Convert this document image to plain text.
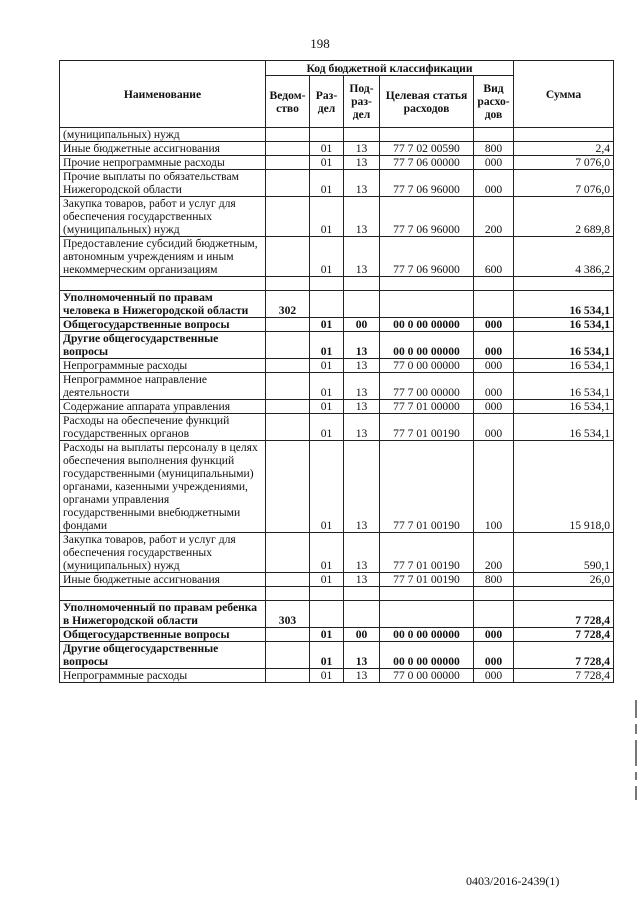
198
Наименование	Код бюджетной классификации					Сумма
	Ведом-ство	Раз-дел	Под-раз-дел	Целевая статья расходов	Вид расхо-дов	
(муниципальных) нужд						
Иные бюджетные ассигнования		01	13	77 7 02 00590	800	2,4
Прочие непрограммные расходы		01	13	77 7 06 00000	000	7 076,0
Прочие выплаты по обязательствам Нижегородской области		01	13	77 7 06 96000	000	7 076,0
Закупка товаров, работ и услуг для обеспечения государственных (муниципальных) нужд		01	13	77 7 06 96000	200	2 689,8
Предоставление субсидий бюджетным, автономным учреждениям и иным некоммерческим организациям		01	13	77 7 06 96000	600	4 386,2

Уполномоченный по правам человека в Нижегородской области	302					16 534,1
Общегосударственные вопросы		01	00	00 0 00 00000	000	16 534,1
Другие общегосударственные вопросы		01	13	00 0 00 00000	000	16 534,1
Непрограммные расходы		01	13	77 0 00 00000	000	16 534,1
Непрограммное направление деятельности		01	13	77 7 00 00000	000	16 534,1
Содержание аппарата управления		01	13	77 7 01 00000	000	16 534,1
Расходы на обеспечение функций государственных органов		01	13	77 7 01 00190	000	16 534,1
Расходы на выплаты персоналу в целях обеспечения выполнения функций государственными (муниципальными) органами, казенными учреждениями, органами управления государственными внебюджетными фондами		01	13	77 7 01 00190	100	15 918,0
Закупка товаров, работ и услуг для обеспечения государственных (муниципальных) нужд		01	13	77 7 01 00190	200	590,1
Иные бюджетные ассигнования		01	13	77 7 01 00190	800	26,0

Уполномоченный по правам ребенка в Нижегородской области	303					7 728,4
Общегосударственные вопросы		01	00	00 0 00 00000	000	7 728,4
Другие общегосударственные вопросы		01	13	00 0 00 00000	000	7 728,4
Непрограммные расходы		01	13	77 0 00 00000	000	7 728,4
0403/2016-2439(1)
